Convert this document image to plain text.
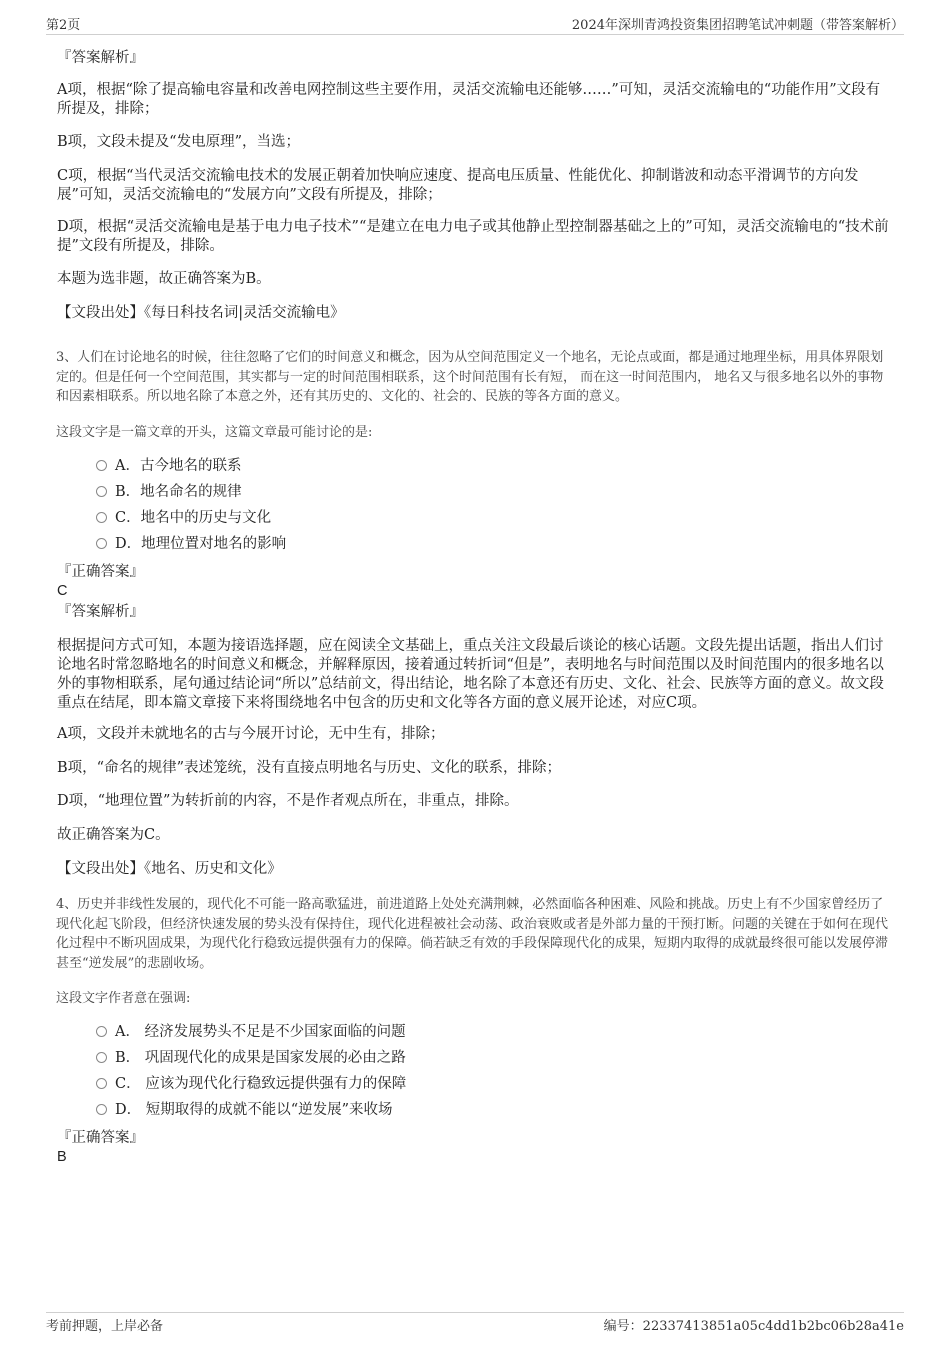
第2页	2024年深圳青鸿投资集团招聘笔试冲刺题（带答案解析）
『答案解析』
A项，根据“除了提高输电容量和改善电网控制这些主要作用，灵活交流输电还能够……”可知，灵活交流输电的“功能作用”文段有所提及，排除；
B项，文段未提及“发电原理”，当选；
C项，根据“当代灵活交流输电技术的发展正朝着加快响应速度、提高电压质量、性能优化、抑制谐波和动态平滑调节的方向发展”可知，灵活交流输电的“发展方向”文段有所提及，排除；
D项，根据“灵活交流输电是基于电力电子技术”“是建立在电力电子或其他静止型控制器基础之上的”可知，灵活交流输电的“技术前提”文段有所提及，排除。
本题为选非题，故正确答案为B。
【文段出处】《每日科技名词|灵活交流输电》
3、人们在讨论地名的时候，往往忽略了它们的时间意义和概念，因为从空间范围定义一个地名，无论点或面，都是通过地理坐标，用具体界限划定的。但是任何一个空间范围，其实都与一定的时间范围相联系，这个时间范围有长有短， 而在这一时间范围内， 地名又与很多地名以外的事物和因素相联系。所以地名除了本意之外，还有其历史的、文化的、社会的、民族的等各方面的意义。
这段文字是一篇文章的开头，这篇文章最可能讨论的是:
A．古今地名的联系
B．地名命名的规律
C．地名中的历史与文化
D．地理位置对地名的影响
『正确答案』
C
『答案解析』
根据提问方式可知，本题为接语选择题，应在阅读全文基础上，重点关注文段最后谈论的核心话题。文段先提出话题，指出人们讨论地名时常忽略地名的时间意义和概念，并解释原因，接着通过转折词“但是”，表明地名与时间范围以及时间范围内的很多地名以外的事物相联系，尾句通过结论词“所以”总结前文，得出结论，地名除了本意还有历史、文化、社会、民族等方面的意义。故文段重点在结尾，即本篇文章接下来将围绕地名中包含的历史和文化等各方面的意义展开论述，对应C项。
A项，文段并未就地名的古与今展开讨论，无中生有，排除；
B项，“命名的规律”表述笼统，没有直接点明地名与历史、文化的联系，排除；
D项，“地理位置”为转折前的内容，不是作者观点所在，非重点，排除。
故正确答案为C。
【文段出处】《地名、历史和文化》
4、历史并非线性发展的，现代化不可能一路高歌猛进，前进道路上处处充满荆棘，必然面临各种困难、风险和挑战。历史上有不少国家曾经历了现代化起飞阶段，但经济快速发展的势头没有保持住，现代化进程被社会动荡、政治衰败或者是外部力量的干预打断。问题的关键在于如何在现代化过程中不断巩固成果，为现代化行稳致远提供强有力的保障。倘若缺乏有效的手段保障现代化的成果，短期内取得的成就最终很可能以发展停滞甚至“逆发展”的悲剧收场。
这段文字作者意在强调:
A． 经济发展势头不足是不少国家面临的问题
B． 巩固现代化的成果是国家发展的必由之路
C． 应该为现代化行稳致远提供强有力的保障
D． 短期取得的成就不能以“逆发展”来收场
『正确答案』
B
考前押题，上岸必备	编号：22337413851a05c4dd1b2bc06b28a41e
